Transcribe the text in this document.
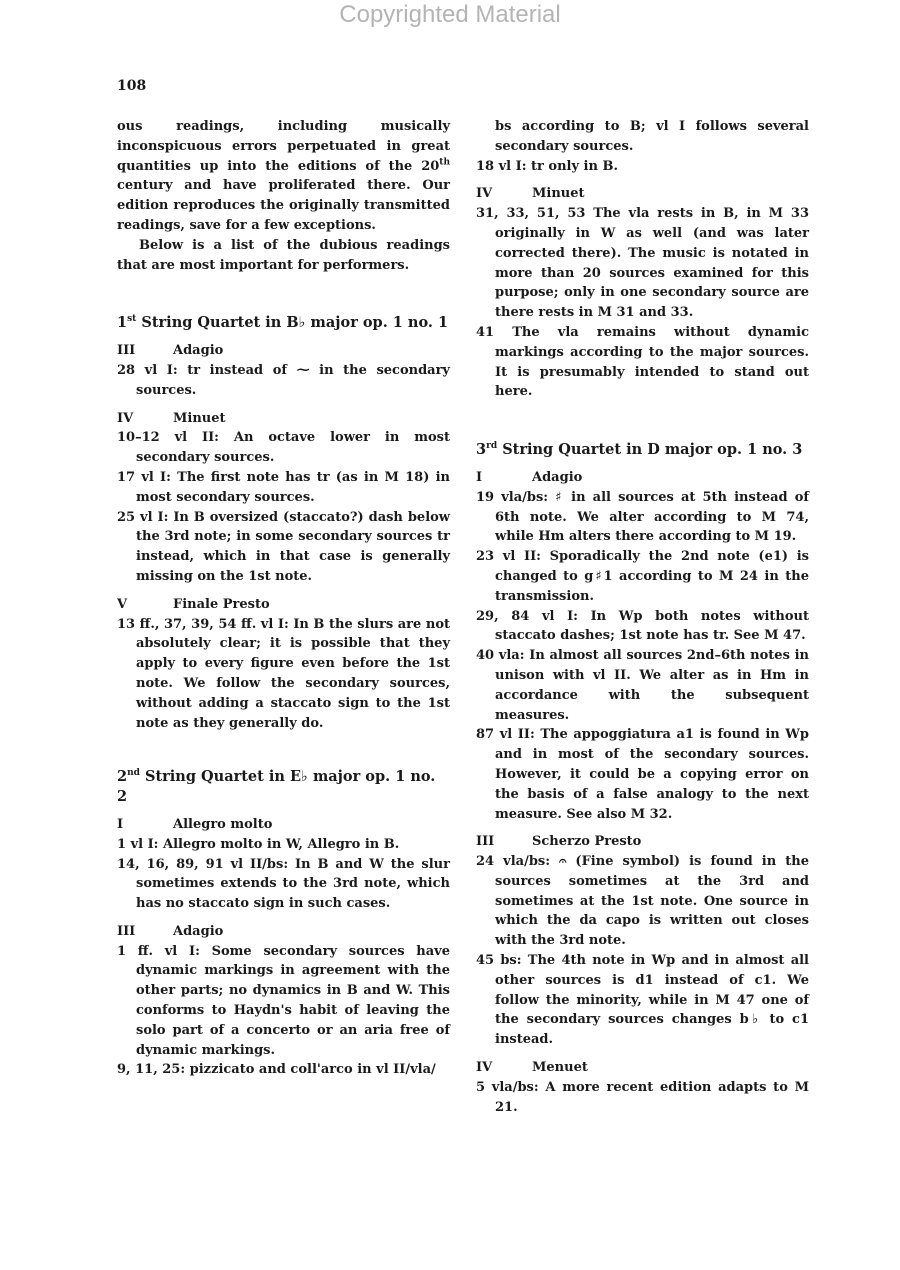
Copyrighted Material
108

ous readings, including musically inconspicuous errors perpetuated in great quantities up into the editions of the 20th century and have proliferated there. Our edition reproduces the originally transmitted readings, save for a few exceptions.

Below is a list of the dubious readings that are most important for performers.

1st String Quartet in B♭ major op. 1 no. 1

III	Adagio

28 vl I: tr instead of ⁓ in the secondary sources.

IV	Minuet

10–12 vl II: An octave lower in most secondary sources.

17 vl I: The first note has tr (as in M 18) in most secondary sources.

25 vl I: In B oversized (staccato?) dash below the 3rd note; in some secondary sources tr instead, which in that case is generally missing on the 1st note.

V	Finale Presto

13 ff., 37, 39, 54 ff. vl I: In B the slurs are not absolutely clear; it is possible that they apply to every figure even before the 1st note. We follow the secondary sources, without adding a staccato sign to the 1st note as they generally do.

2nd String Quartet in E♭ major op. 1 no. 2

I	Allegro molto

1 vl I: Allegro molto in W, Allegro in B.

14, 16, 89, 91 vl II/bs: In B and W the slur sometimes extends to the 3rd note, which has no staccato sign in such cases.

III	Adagio

1 ff. vl I: Some secondary sources have dynamic markings in agreement with the other parts; no dynamics in B and W. This conforms to Haydn's habit of leaving the solo part of a concerto or an aria free of dynamic markings.

9, 11, 25: pizzicato and coll'arco in vl II/vla/

bs according to B; vl I follows several secondary sources.

18 vl I: tr only in B.

IV	Minuet

31, 33, 51, 53 The vla rests in B, in M 33 originally in W as well (and was later corrected there). The music is notated in more than 20 sources examined for this purpose; only in one secondary source are there rests in M 31 and 33.

41 The vla remains without dynamic markings according to the major sources. It is presumably intended to stand out here.

3rd String Quartet in D major op. 1 no. 3

I	Adagio

19 vla/bs: ♯ in all sources at 5th instead of 6th note. We alter according to M 74, while Hm alters there according to M 19.

23 vl II: Sporadically the 2nd note (e1) is changed to g♯1 according to M 24 in the transmission.

29, 84 vl I: In Wp both notes without staccato dashes; 1st note has tr. See M 47.

40 vla: In almost all sources 2nd–6th notes in unison with vl II. We alter as in Hm in accordance with the subsequent measures.

87 vl II: The appoggiatura a1 is found in Wp and in most of the secondary sources. However, it could be a copying error on the basis of a false analogy to the next measure. See also M 32.

III	Scherzo Presto

24 vla/bs: 𝄐 (Fine symbol) is found in the sources sometimes at the 3rd and sometimes at the 1st note. One source in which the da capo is written out closes with the 3rd note.

45 bs: The 4th note in Wp and in almost all other sources is d1 instead of c1. We follow the minority, while in M 47 one of the secondary sources changes b♭ to c1 instead.

IV	Menuet

5 vla/bs: A more recent edition adapts to M 21.
